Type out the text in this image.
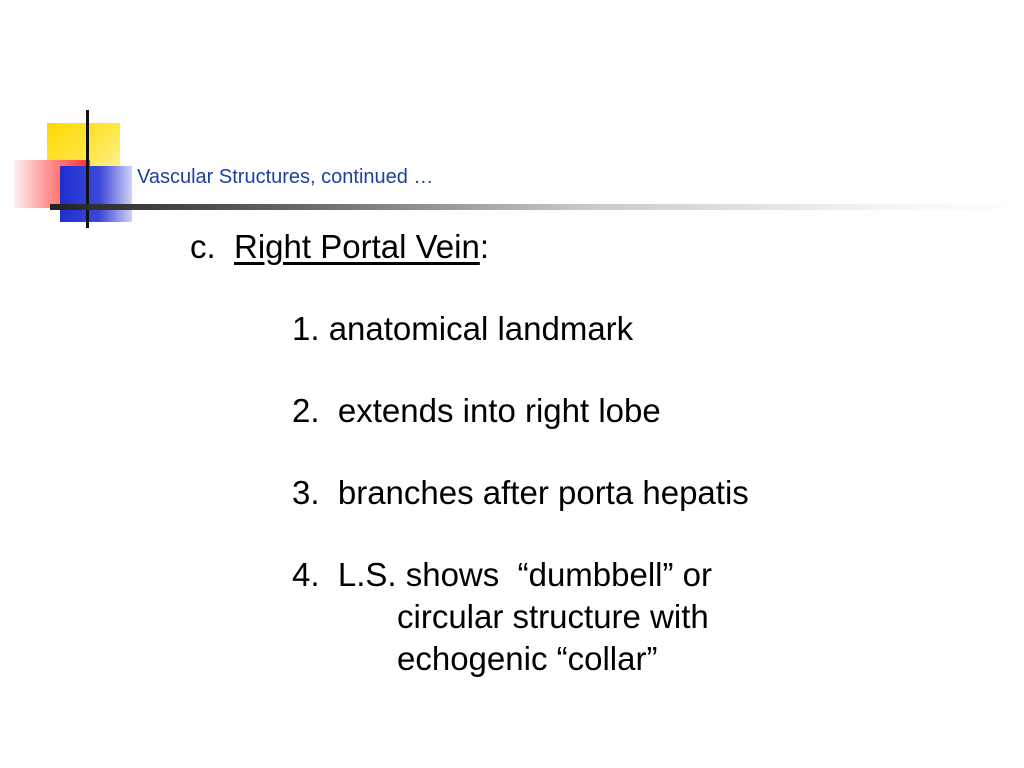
Vascular Structures, continued …
c.  Right Portal Vein:
1. anatomical landmark
2.  extends into right lobe
3.  branches after porta hepatis
4.  L.S. shows  “dumbbell” or
circular structure with
echogenic “collar”
